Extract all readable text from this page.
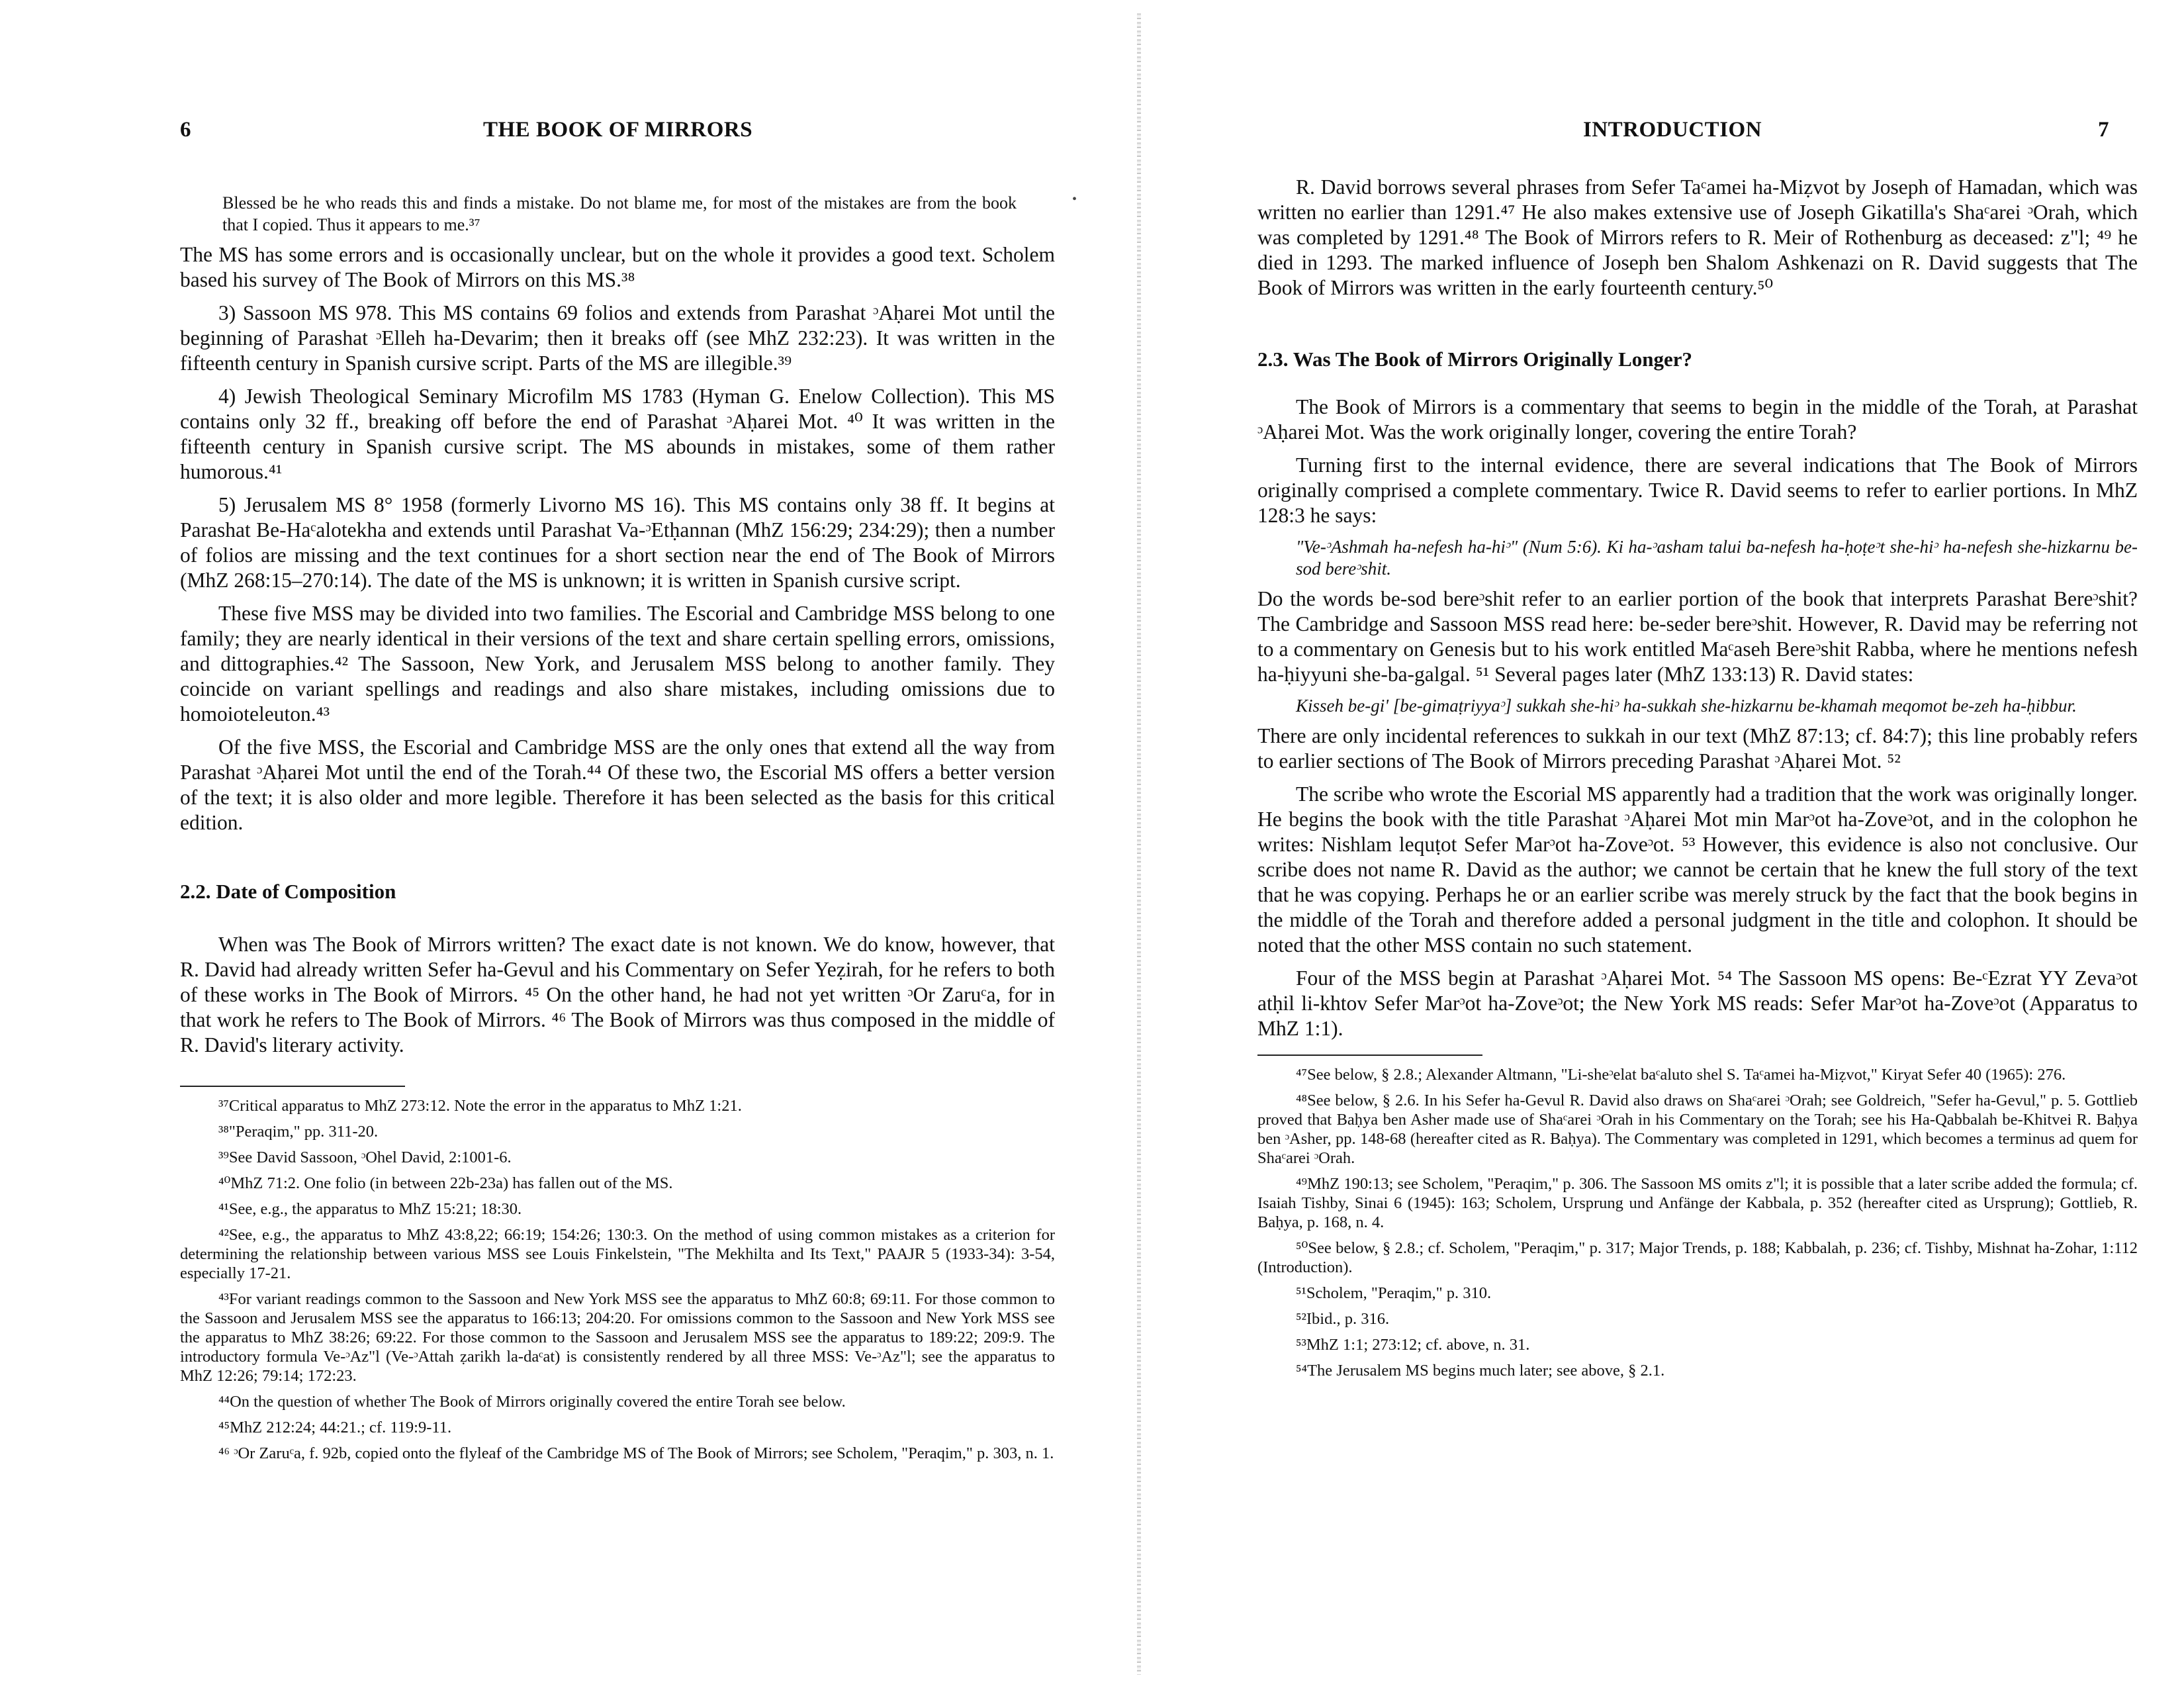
6	THE BOOK OF MIRRORS
•

Blessed be he who reads this and finds a mistake. Do not blame me, for most of the mistakes are from the book that I copied. Thus it appears to me.³⁷

The MS has some errors and is occasionally unclear, but on the whole it provides a good text. Scholem based his survey of The Book of Mirrors on this MS.³⁸

3) Sassoon MS 978. This MS contains 69 folios and extends from Parashat ᵓAḥarei Mot until the beginning of Parashat ᵓElleh ha-Devarim; then it breaks off (see MhZ 232:23). It was written in the fifteenth century in Spanish cursive script. Parts of the MS are illegible.³⁹

4) Jewish Theological Seminary Microfilm MS 1783 (Hyman G. Enelow Collection). This MS contains only 32 ff., breaking off before the end of Parashat ᵓAḥarei Mot. ⁴⁰ It was written in the fifteenth century in Spanish cursive script. The MS abounds in mistakes, some of them rather humorous.⁴¹

5) Jerusalem MS 8° 1958 (formerly Livorno MS 16). This MS contains only 38 ff. It begins at Parashat Be-Haᶜalotekha and extends until Parashat Va-ᵓEtḥannan (MhZ 156:29; 234:29); then a number of folios are missing and the text continues for a short section near the end of The Book of Mirrors (MhZ 268:15–270:14). The date of the MS is unknown; it is written in Spanish cursive script.

These five MSS may be divided into two families. The Escorial and Cambridge MSS belong to one family; they are nearly identical in their versions of the text and share certain spelling errors, omissions, and dittographies.⁴² The Sassoon, New York, and Jerusalem MSS belong to another family. They coincide on variant spellings and readings and also share mistakes, including omissions due to homoioteleuton.⁴³

Of the five MSS, the Escorial and Cambridge MSS are the only ones that extend all the way from Parashat ᵓAḥarei Mot until the end of the Torah.⁴⁴ Of these two, the Escorial MS offers a better version of the text; it is also older and more legible. Therefore it has been selected as the basis for this critical edition.

2.2. Date of Composition

When was The Book of Mirrors written? The exact date is not known. We do know, however, that R. David had already written Sefer ha-Gevul and his Commentary on Sefer Yeẓirah, for he refers to both of these works in The Book of Mirrors. ⁴⁵ On the other hand, he had not yet written ᵓOr Zaruᶜa, for in that work he refers to The Book of Mirrors. ⁴⁶ The Book of Mirrors was thus composed in the middle of R. David's literary activity.

³⁷Critical apparatus to MhZ 273:12. Note the error in the apparatus to MhZ 1:21.

³⁸"Peraqim," pp. 311-20.

³⁹See David Sassoon, ᵓOhel David, 2:1001-6.

⁴⁰MhZ 71:2. One folio (in between 22b-23a) has fallen out of the MS.

⁴¹See, e.g., the apparatus to MhZ 15:21; 18:30.

⁴²See, e.g., the apparatus to MhZ 43:8,22; 66:19; 154:26; 130:3. On the method of using common mistakes as a criterion for determining the relationship between various MSS see Louis Finkelstein, "The Mekhilta and Its Text," PAAJR 5 (1933-34): 3-54, especially 17-21.

⁴³For variant readings common to the Sassoon and New York MSS see the apparatus to MhZ 60:8; 69:11. For those common to the Sassoon and Jerusalem MSS see the apparatus to 166:13; 204:20. For omissions common to the Sassoon and New York MSS see the apparatus to MhZ 38:26; 69:22. For those common to the Sassoon and Jerusalem MSS see the apparatus to 189:22; 209:9. The introductory formula Ve-ᵓAz"l (Ve-ᵓAttah ẓarikh la-daᶜat) is consistently rendered by all three MSS: Ve-ᵓAz"l; see the apparatus to MhZ 12:26; 79:14; 172:23.

⁴⁴On the question of whether The Book of Mirrors originally covered the entire Torah see below.

⁴⁵MhZ 212:24; 44:21.; cf. 119:9-11.

⁴⁶ ᵓOr Zaruᶜa, f. 92b, copied onto the flyleaf of the Cambridge MS of The Book of Mirrors; see Scholem, "Peraqim," p. 303, n. 1.

INTRODUCTION	7

R. David borrows several phrases from Sefer Taᶜamei ha-Miẓvot by Joseph of Hamadan, which was written no earlier than 1291.⁴⁷ He also makes extensive use of Joseph Gikatilla's Shaᶜarei ᵓOrah, which was completed by 1291.⁴⁸ The Book of Mirrors refers to R. Meir of Rothenburg as deceased: z"l; ⁴⁹ he died in 1293. The marked influence of Joseph ben Shalom Ashkenazi on R. David suggests that The Book of Mirrors was written in the early fourteenth century.⁵⁰

2.3. Was The Book of Mirrors Originally Longer?

The Book of Mirrors is a commentary that seems to begin in the middle of the Torah, at Parashat ᵓAḥarei Mot. Was the work originally longer, covering the entire Torah?

Turning first to the internal evidence, there are several indications that The Book of Mirrors originally comprised a complete commentary. Twice R. David seems to refer to earlier portions. In MhZ 128:3 he says:

"Ve-ᵓAshmah ha-nefesh ha-hiᵓ" (Num 5:6). Ki ha-ᵓasham talui ba-nefesh ha-ḥoṭeᵓt she-hiᵓ ha-nefesh she-hizkarnu be-sod bereᵓshit.

Do the words be-sod bereᵓshit refer to an earlier portion of the book that interprets Parashat Bereᵓshit? The Cambridge and Sassoon MSS read here: be-seder bereᵓshit. However, R. David may be referring not to a commentary on Genesis but to his work entitled Maᶜaseh Bereᵓshit Rabba, where he mentions nefesh ha-ḥiyyuni she-ba-galgal. ⁵¹ Several pages later (MhZ 133:13) R. David states:

Kisseh be-gi' [be-gimaṭriyyaᵓ] sukkah she-hiᵓ ha-sukkah she-hizkarnu be-khamah meqomot be-zeh ha-ḥibbur.

There are only incidental references to sukkah in our text (MhZ 87:13; cf. 84:7); this line probably refers to earlier sections of The Book of Mirrors preceding Parashat ᵓAḥarei Mot. ⁵²

The scribe who wrote the Escorial MS apparently had a tradition that the work was originally longer. He begins the book with the title Parashat ᵓAḥarei Mot min Marᵓot ha-Zoveᵓot, and in the colophon he writes: Nishlam lequṭot Sefer Marᵓot ha-Zoveᵓot. ⁵³ However, this evidence is also not conclusive. Our scribe does not name R. David as the author; we cannot be certain that he knew the full story of the text that he was copying. Perhaps he or an earlier scribe was merely struck by the fact that the book begins in the middle of the Torah and therefore added a personal judgment in the title and colophon. It should be noted that the other MSS contain no such statement.

Four of the MSS begin at Parashat ᵓAḥarei Mot. ⁵⁴ The Sassoon MS opens: Be-ᶜEzrat YY Zevaᵓot atḥil li-khtov Sefer Marᵓot ha-Zoveᵓot; the New York MS reads: Sefer Marᵓot ha-Zoveᵓot (Apparatus to MhZ 1:1).

⁴⁷See below, § 2.8.; Alexander Altmann, "Li-sheᵓelat baᶜaluto shel S. Taᶜamei ha-Miẓvot," Kiryat Sefer 40 (1965): 276.

⁴⁸See below, § 2.6. In his Sefer ha-Gevul R. David also draws on Shaᶜarei ᵓOrah; see Goldreich, "Sefer ha-Gevul," p. 5. Gottlieb proved that Baḥya ben Asher made use of Shaᶜarei ᵓOrah in his Commentary on the Torah; see his Ha-Qabbalah be-Khitvei R. Baḥya ben ᵓAsher, pp. 148-68 (hereafter cited as R. Baḥya). The Commentary was completed in 1291, which becomes a terminus ad quem for Shaᶜarei ᵓOrah.

⁴⁹MhZ 190:13; see Scholem, "Peraqim," p. 306. The Sassoon MS omits z"l; it is possible that a later scribe added the formula; cf. Isaiah Tishby, Sinai 6 (1945): 163; Scholem, Ursprung und Anfänge der Kabbala, p. 352 (hereafter cited as Ursprung); Gottlieb, R. Baḥya, p. 168, n. 4.

⁵⁰See below, § 2.8.; cf. Scholem, "Peraqim," p. 317; Major Trends, p. 188; Kabbalah, p. 236; cf. Tishby, Mishnat ha-Zohar, 1:112 (Introduction).

⁵¹Scholem, "Peraqim," p. 310.

⁵²Ibid., p. 316.

⁵³MhZ 1:1; 273:12; cf. above, n. 31.

⁵⁴The Jerusalem MS begins much later; see above, § 2.1.
